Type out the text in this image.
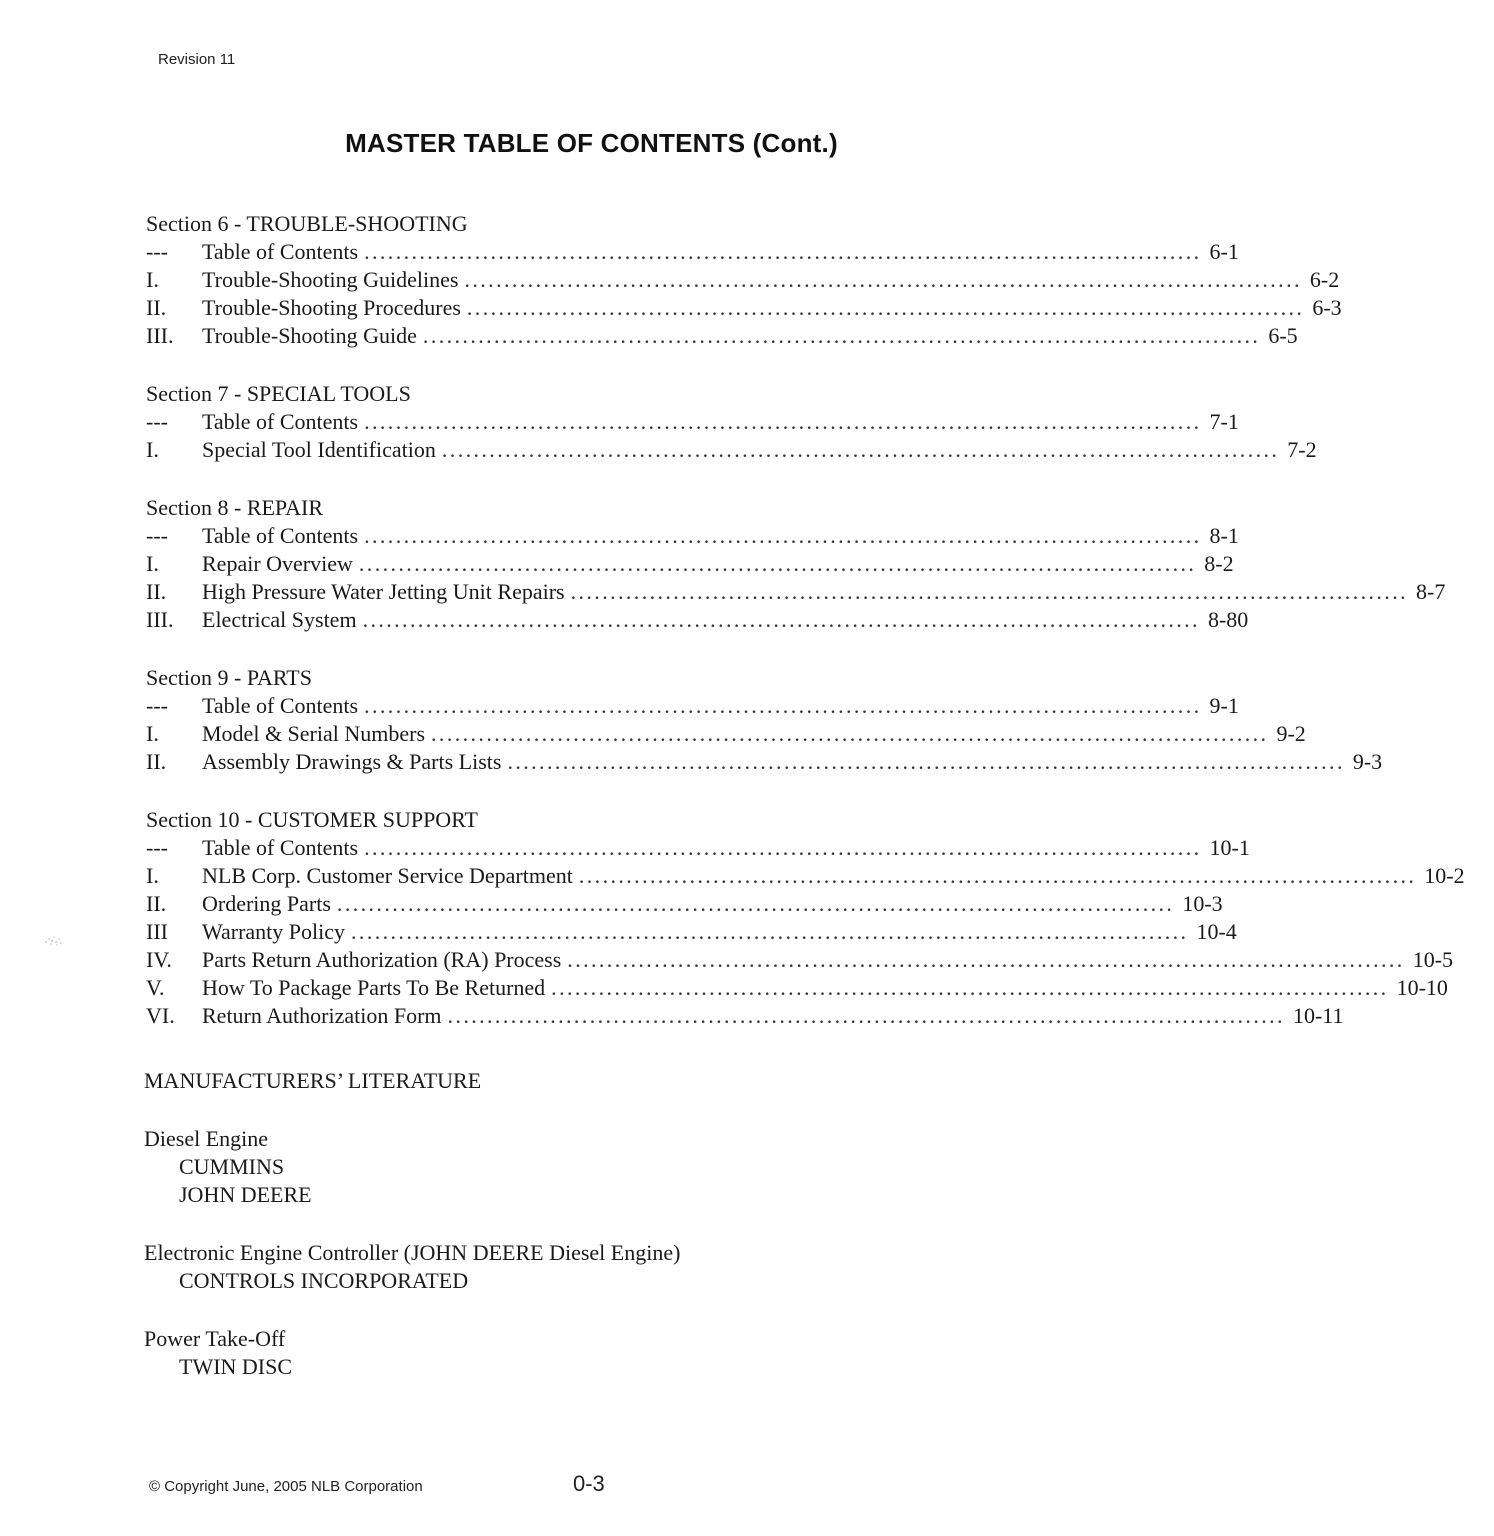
Revision 11
MASTER TABLE OF CONTENTS (Cont.)
Section 6 - TROUBLE-SHOOTING
---	Table of Contents .......................................................................................................... 6-1
I.	Trouble-Shooting Guidelines .......................................................................................................... 6-2
II.	Trouble-Shooting Procedures .......................................................................................................... 6-3
III.	Trouble-Shooting Guide .......................................................................................................... 6-5
Section 7 - SPECIAL TOOLS
---	Table of Contents .......................................................................................................... 7-1
I.	Special Tool Identification .......................................................................................................... 7-2
Section 8 - REPAIR
---	Table of Contents .......................................................................................................... 8-1
I.	Repair Overview .......................................................................................................... 8-2
II.	High Pressure Water Jetting Unit Repairs .......................................................................................................... 8-7
III.	Electrical System .......................................................................................................... 8-80
Section 9 - PARTS
---	Table of Contents .......................................................................................................... 9-1
I.	Model & Serial Numbers .......................................................................................................... 9-2
II.	Assembly Drawings & Parts Lists .......................................................................................................... 9-3
Section 10 - CUSTOMER SUPPORT
---	Table of Contents .......................................................................................................... 10-1
I.	NLB Corp. Customer Service Department .......................................................................................................... 10-2
II.	Ordering Parts .......................................................................................................... 10-3
III	Warranty Policy .......................................................................................................... 10-4
IV.	Parts Return Authorization (RA) Process .......................................................................................................... 10-5
V.	How To Package Parts To Be Returned .......................................................................................................... 10-10
VI.	Return Authorization Form .......................................................................................................... 10-11
MANUFACTURERS’ LITERATURE
Diesel Engine
CUMMINS
JOHN DEERE
Electronic Engine Controller (JOHN DEERE Diesel Engine)
CONTROLS INCORPORATED
Power Take-Off
TWIN DISC
© Copyright June, 2005 NLB Corporation	0-3
